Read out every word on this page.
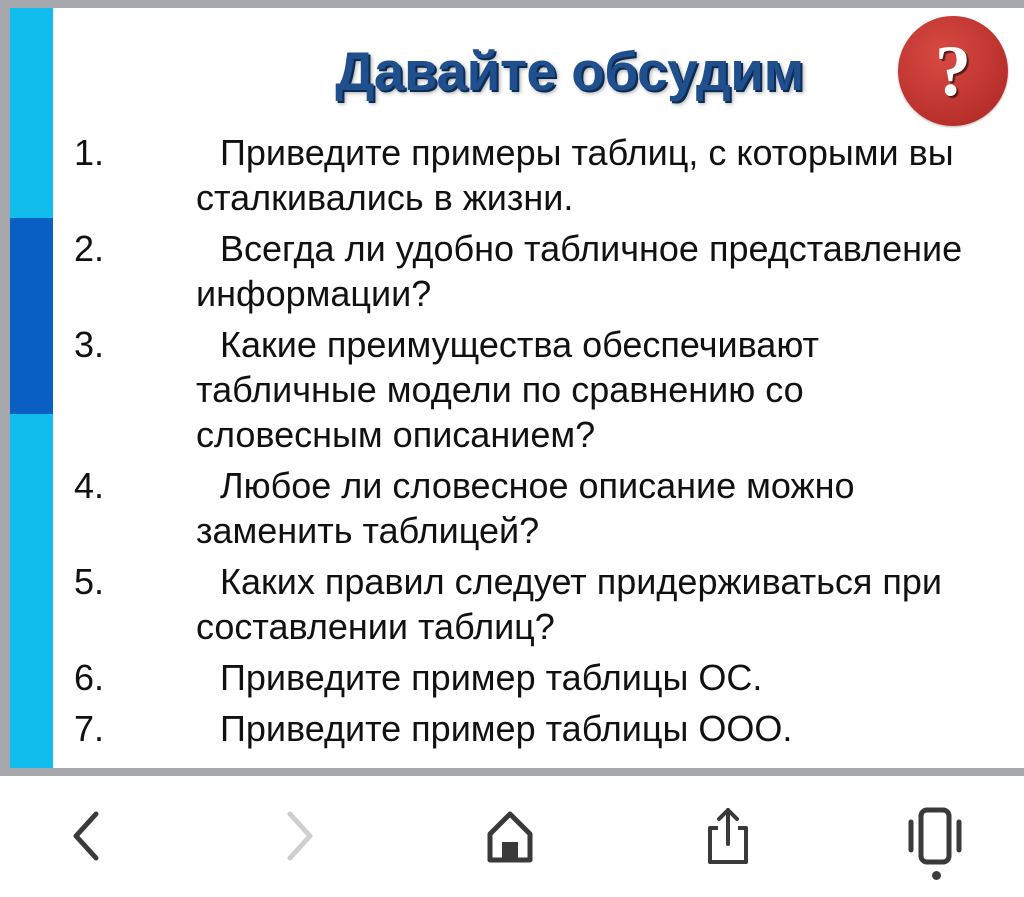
Давайте обсудим	?
1.	Приведите примеры таблиц, с которыми вы сталкивались в жизни.
2.	Всегда ли удобно табличное представление информации?
3.	Какие преимущества обеспечивают табличные модели по сравнению со словесным описанием?
4.	Любое ли словесное описание можно заменить таблицей?
5.	Каких правил следует придерживаться при составлении таблиц?
6.	Приведите пример таблицы ОС.
7.	Приведите пример таблицы ООО.
